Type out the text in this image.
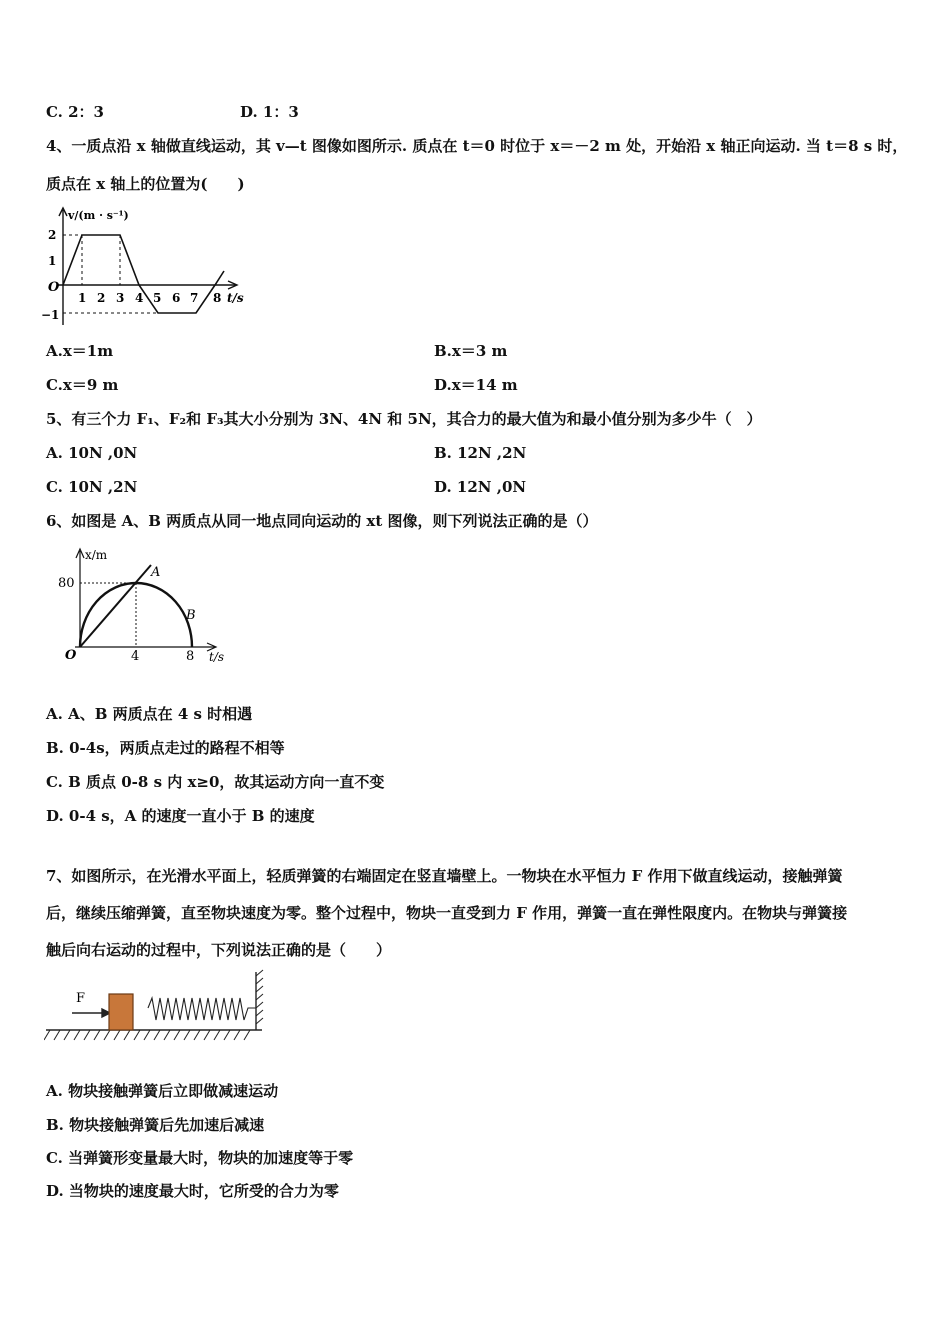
C. 2：3	D. 1：3
4、一质点沿 x 轴做直线运动，其 v—t 图像如图所示. 质点在 t＝0 时位于 x＝－2 m 处，开始沿 x 轴正向运动. 当 t＝8 s 时，
质点在 x 轴上的位置为(　　)
v/(m · s⁻¹)
2
1
O
−1
1 2 3 4 5 6 7 8 t/s
A.x＝1m	B.x＝3 m
C.x＝9 m	D.x＝14 m
5、有三个力 F₁、F₂和 F₃其大小分别为 3N、4N 和 5N，其合力的最大值为和最小值分别为多少牛（　）
A. 10N ,0N	B. 12N ,2N
C. 10N ,2N	D. 12N ,0N
6、如图是 A、B 两质点从同一地点同向运动的 xt 图像，则下列说法正确的是（）
x/m
80
O	4	8 t/s
A
B
A. A、B 两质点在 4 s 时相遇
B. 0-4s，两质点走过的路程不相等
C. B 质点 0-8 s 内 x≥0，故其运动方向一直不变
D. 0-4 s，A 的速度一直小于 B 的速度
7、如图所示，在光滑水平面上，轻质弹簧的右端固定在竖直墙壁上。一物块在水平恒力 F 作用下做直线运动，接触弹簧
后，继续压缩弹簧，直至物块速度为零。整个过程中，物块一直受到力 F 作用，弹簧一直在弹性限度内。在物块与弹簧接
触后向右运动的过程中，下列说法正确的是（　　）
F
A. 物块接触弹簧后立即做减速运动
B. 物块接触弹簧后先加速后减速
C. 当弹簧形变量最大时，物块的加速度等于零
D. 当物块的速度最大时，它所受的合力为零
